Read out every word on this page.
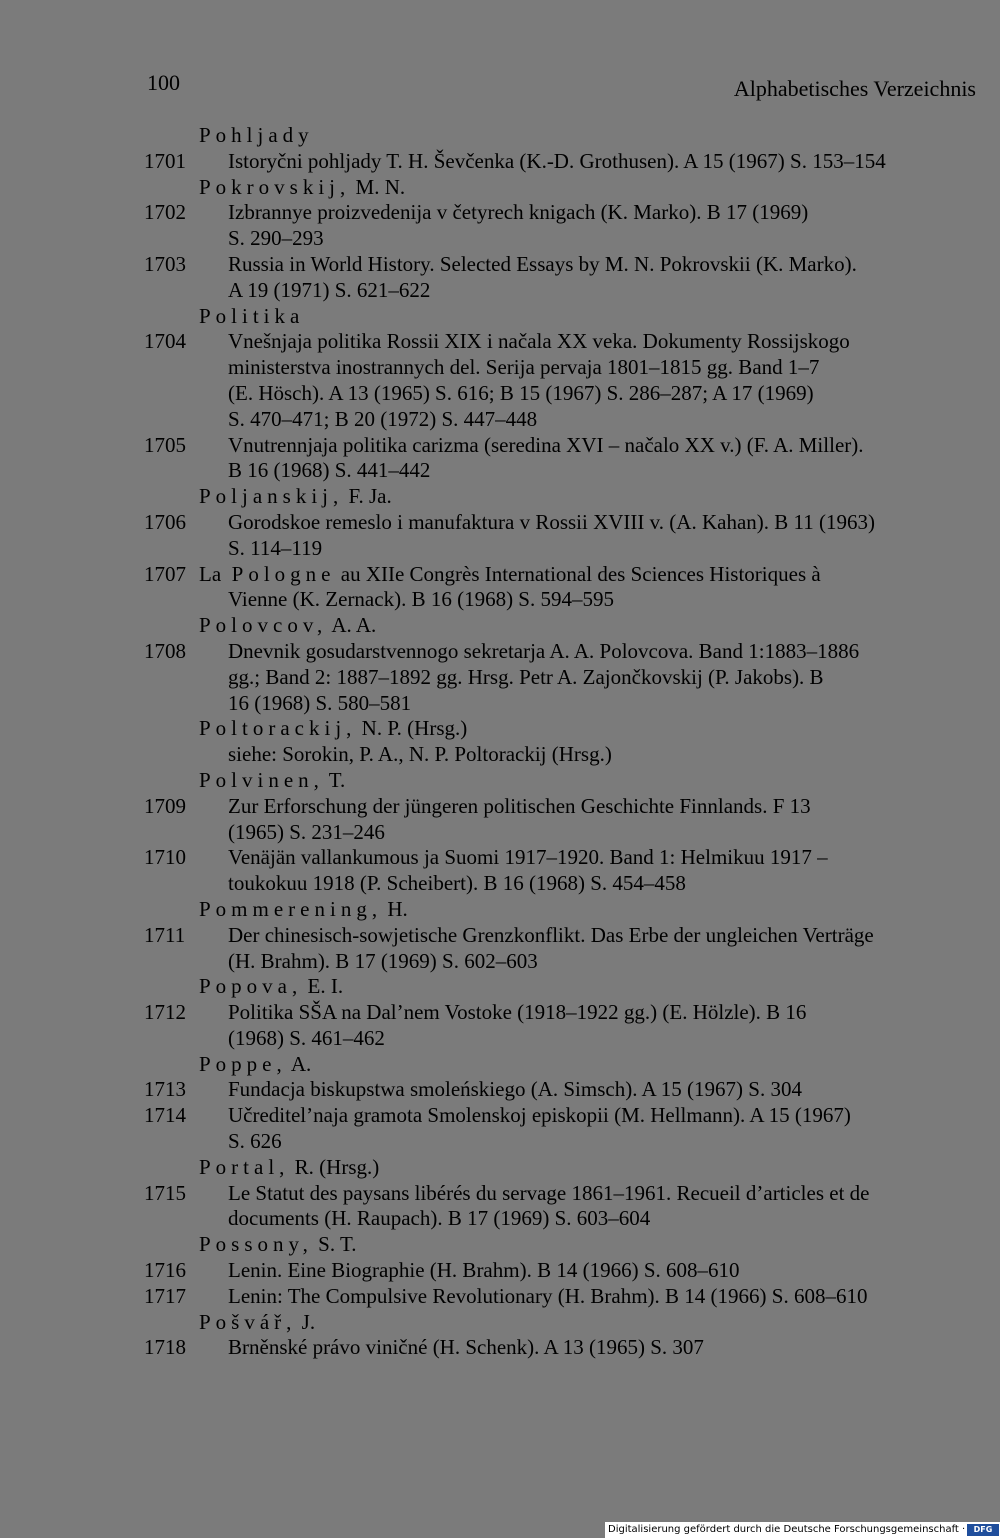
100	Alphabetisches Verzeichnis
Pohljady
1701 Istoryčni pohljady T. H. Ševčenka (K.-D. Grothusen). A 15 (1967) S. 153–154
Pokrovskij, M. N.
1702 Izbrannye proizvedenija v četyrech knigach (K. Marko). B 17 (1969)
S. 290–293
1703 Russia in World History. Selected Essays by M. N. Pokrovskii (K. Marko).
A 19 (1971) S. 621–622
Politika
1704 Vnešnjaja politika Rossii XIX i načala XX veka. Dokumenty Rossijskogo
ministerstva inostrannych del. Serija pervaja 1801–1815 gg. Band 1–7
(E. Hösch). A 13 (1965) S. 616; B 15 (1967) S. 286–287; A 17 (1969)
S. 470–471; B 20 (1972) S. 447–448
1705 Vnutrennjaja politika carizma (seredina XVI – načalo XX v.) (F. A. Miller).
B 16 (1968) S. 441–442
Poljanskij, F. Ja.
1706 Gorodskoe remeslo i manufaktura v Rossii XVIII v. (A. Kahan). B 11 (1963)
S. 114–119
1707 La Pologne au XIIe Congrès International des Sciences Historiques à
Vienne (K. Zernack). B 16 (1968) S. 594–595
Polovcov, A. A.
1708 Dnevnik gosudarstvennogo sekretarja A. A. Polovcova. Band 1:1883–1886
gg.; Band 2: 1887–1892 gg. Hrsg. Petr A. Zajončkovskij (P. Jakobs). B
16 (1968) S. 580–581
Poltorackij, N. P. (Hrsg.)
siehe: Sorokin, P. A., N. P. Poltorackij (Hrsg.)
Polvinen, T.
1709 Zur Erforschung der jüngeren politischen Geschichte Finnlands. F 13
(1965) S. 231–246
1710 Venäjän vallankumous ja Suomi 1917–1920. Band 1: Helmikuu 1917 –
toukokuu 1918 (P. Scheibert). B 16 (1968) S. 454–458
Pommerening, H.
1711 Der chinesisch-sowjetische Grenzkonflikt. Das Erbe der ungleichen Verträge
(H. Brahm). B 17 (1969) S. 602–603
Popova, E. I.
1712 Politika SŠA na Dal’nem Vostoke (1918–1922 gg.) (E. Hölzle). B 16
(1968) S. 461–462
Poppe, A.
1713 Fundacja biskupstwa smoleńskiego (A. Simsch). A 15 (1967) S. 304
1714 Učreditel’naja gramota Smolenskoj episkopii (M. Hellmann). A 15 (1967)
S. 626
Portal, R. (Hrsg.)
1715 Le Statut des paysans libérés du servage 1861–1961. Recueil d’articles et de
documents (H. Raupach). B 17 (1969) S. 603–604
Possony, S. T.
1716 Lenin. Eine Biographie (H. Brahm). B 14 (1966) S. 608–610
1717 Lenin: The Compulsive Revolutionary (H. Brahm). B 14 (1966) S. 608–610
Pošvář, J.
1718 Brněnské právo viničné (H. Schenk). A 13 (1965) S. 307
Digitalisierung gefördert durch die Deutsche Forschungsgemeinschaft ·	DFG
